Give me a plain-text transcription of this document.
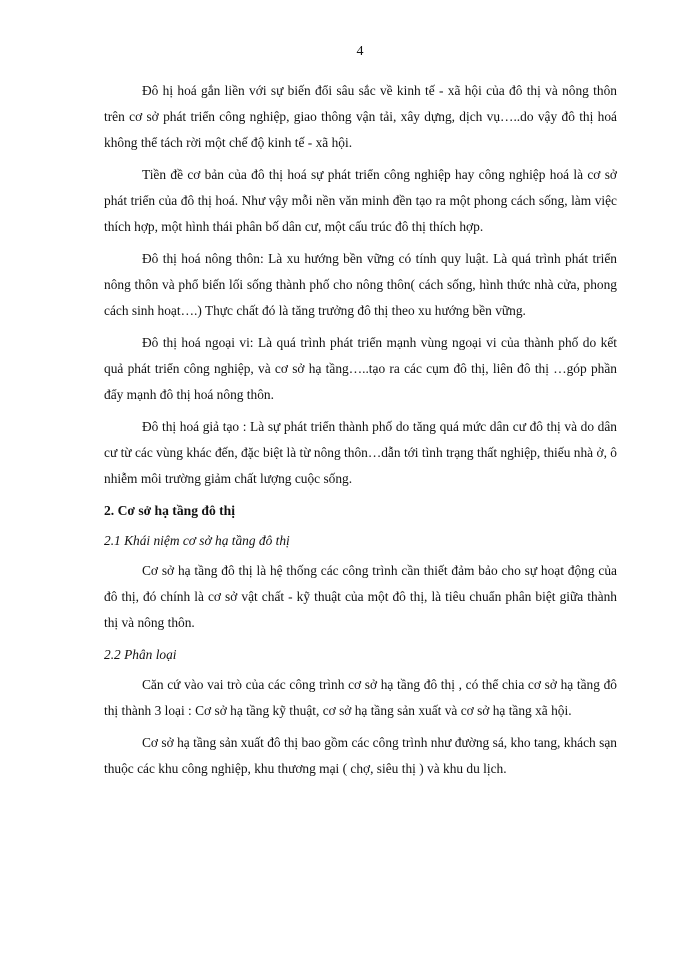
4

Đô hị hoá gắn liền với sự biến đổi sâu sắc về kinh tế - xã hội của đô thị và nông thôn trên cơ sở phát triển công nghiệp, giao thông vận tải, xây dựng, dịch vụ…..do vậy đô thị hoá không thể tách rời một chế độ kinh tế - xã hội.

Tiền đề cơ bản của đô thị hoá sự phát triển công nghiệp hay công nghiệp hoá là cơ sở phát triển của đô thị hoá. Như vậy mỗi nền văn minh đền tạo ra một phong cách sống, làm việc thích hợp, một hình thái phân bố dân cư, một cấu trúc đô thị thích hợp.

Đô thị hoá nông thôn: Là xu hướng bền vững có tính quy luật. Là quá trình phát triển nông thôn và phổ biến lối sống thành phố cho nông thôn( cách sống, hình thức nhà cửa, phong cách sinh hoạt….) Thực chất đó là tăng trưởng đô thị theo xu hướng bền vững.

Đô thị hoá ngoại vi: Là quá trình phát triển mạnh vùng ngoại vi của thành phố do kết quả phát triển công nghiệp, và cơ sở hạ tầng…..tạo ra các cụm đô thị, liên đô thị …góp phần đẩy mạnh đô thị hoá nông thôn.

Đô thị hoá giả tạo : Là sự phát triển thành phố do tăng quá mức dân cư đô thị và do dân cư từ các vùng khác đến, đặc biệt là từ nông thôn…dẫn tới tình trạng thất nghiệp, thiếu nhà ở, ô nhiễm môi trường giảm chất lượng cuộc sống.

2. Cơ sở hạ tầng đô thị

2.1 Khái niệm cơ sở hạ tầng đô thị

Cơ sở hạ tầng đô thị là hệ thống các công trình cần thiết đảm bảo cho sự hoạt động của đô thị, đó chính là cơ sở vật chất - kỹ thuật của một đô thị, là tiêu chuẩn phân biệt giữa thành thị và nông thôn.

2.2 Phân loại

Căn cứ vào vai trò của các công trình cơ sở hạ tầng đô thị , có thể chia cơ sở hạ tầng đô thị thành 3 loại : Cơ sở hạ tầng kỹ thuật, cơ sở hạ tầng sản xuất và cơ sở hạ tầng xã hội.

Cơ sở hạ tầng sản xuất đô thị bao gồm các công trình như đường sá, kho tang, khách sạn thuộc các khu công nghiệp, khu thương mại ( chợ, siêu thị ) và khu du lịch.
